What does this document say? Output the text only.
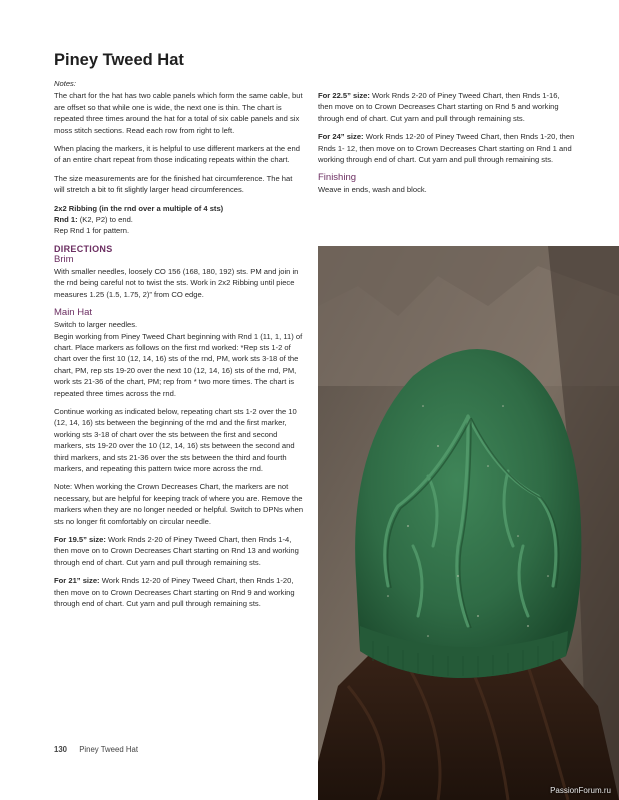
Piney Tweed Hat

Notes:

The chart for the hat has two cable panels which form the same cable, but are offset so that while one is wide, the next one is thin. The chart is repeated three times around the hat for a total of six cable panels and six moss stitch sections. Read each row from right to left.

When placing the markers, it is helpful to use different markers at the end of an entire chart repeat from those indicating repeats within the chart.

The size measurements are for the finished hat circumference. The hat will stretch a bit to fit slightly larger head circumferences.

2x2 Ribbing (in the rnd over a multiple of 4 sts)

Rnd 1: (K2, P2) to end.

Rep Rnd 1 for pattern.

DIRECTIONS
Brim

With smaller needles, loosely CO 156 (168, 180, 192) sts. PM and join in the rnd being careful not to twist the sts. Work in 2x2 Ribbing until piece measures 1.25 (1.5, 1.75, 2)” from CO edge.

Main Hat

Switch to larger needles.

Begin working from Piney Tweed Chart beginning with Rnd 1 (11, 1, 11) of chart. Place markers as follows on the first rnd worked: *Rep sts 1-2 of chart over the first 10 (12, 14, 16) sts of the rnd, PM, work sts 3-18 of the chart, PM, rep sts 19-20 over the next 10 (12, 14, 16) sts of the rnd, PM, work sts 21-36 of the chart, PM; rep from * two more times. The chart is repeated three times across the rnd.

Continue working as indicated below, repeating chart sts 1-2 over the 10 (12, 14, 16) sts between the beginning of the rnd and the first marker, working sts 3-18 of chart over the sts between the first and second markers, sts 19-20 over the 10 (12, 14, 16) sts between the second and third markers, and sts 21-36 over the sts between the third and fourth markers, and repeating this pattern twice more across the rnd.

Note: When working the Crown Decreases Chart, the markers are not necessary, but are helpful for keeping track of where you are. Remove the markers when they are no longer needed or helpful. Switch to DPNs when sts no longer fit comfortably on circular needle.

For 19.5” size: Work Rnds 2-20 of Piney Tweed Chart, then Rnds 1-4, then move on to Crown Decreases Chart starting on Rnd 13 and working through end of chart. Cut yarn and pull through remaining sts.

For 21” size: Work Rnds 12-20 of Piney Tweed Chart, then Rnds 1-20, then move on to Crown Decreases Chart starting on Rnd 9 and working through end of chart. Cut yarn and pull through remaining sts.

For 22.5” size: Work Rnds 2-20 of Piney Tweed Chart, then Rnds 1-16, then move on to Crown Decreases Chart starting on Rnd 5 and working through end of chart. Cut yarn and pull through remaining sts.

For 24” size: Work Rnds 12-20 of Piney Tweed Chart, then Rnds 1-20, then Rnds 1- 12, then move on to Crown Decreases Chart starting on Rnd 1 and working through end of chart. Cut yarn and pull through remaining sts.

Finishing

Weave in ends, wash and block.

130 Piney Tweed Hat
PassionForum.ru
